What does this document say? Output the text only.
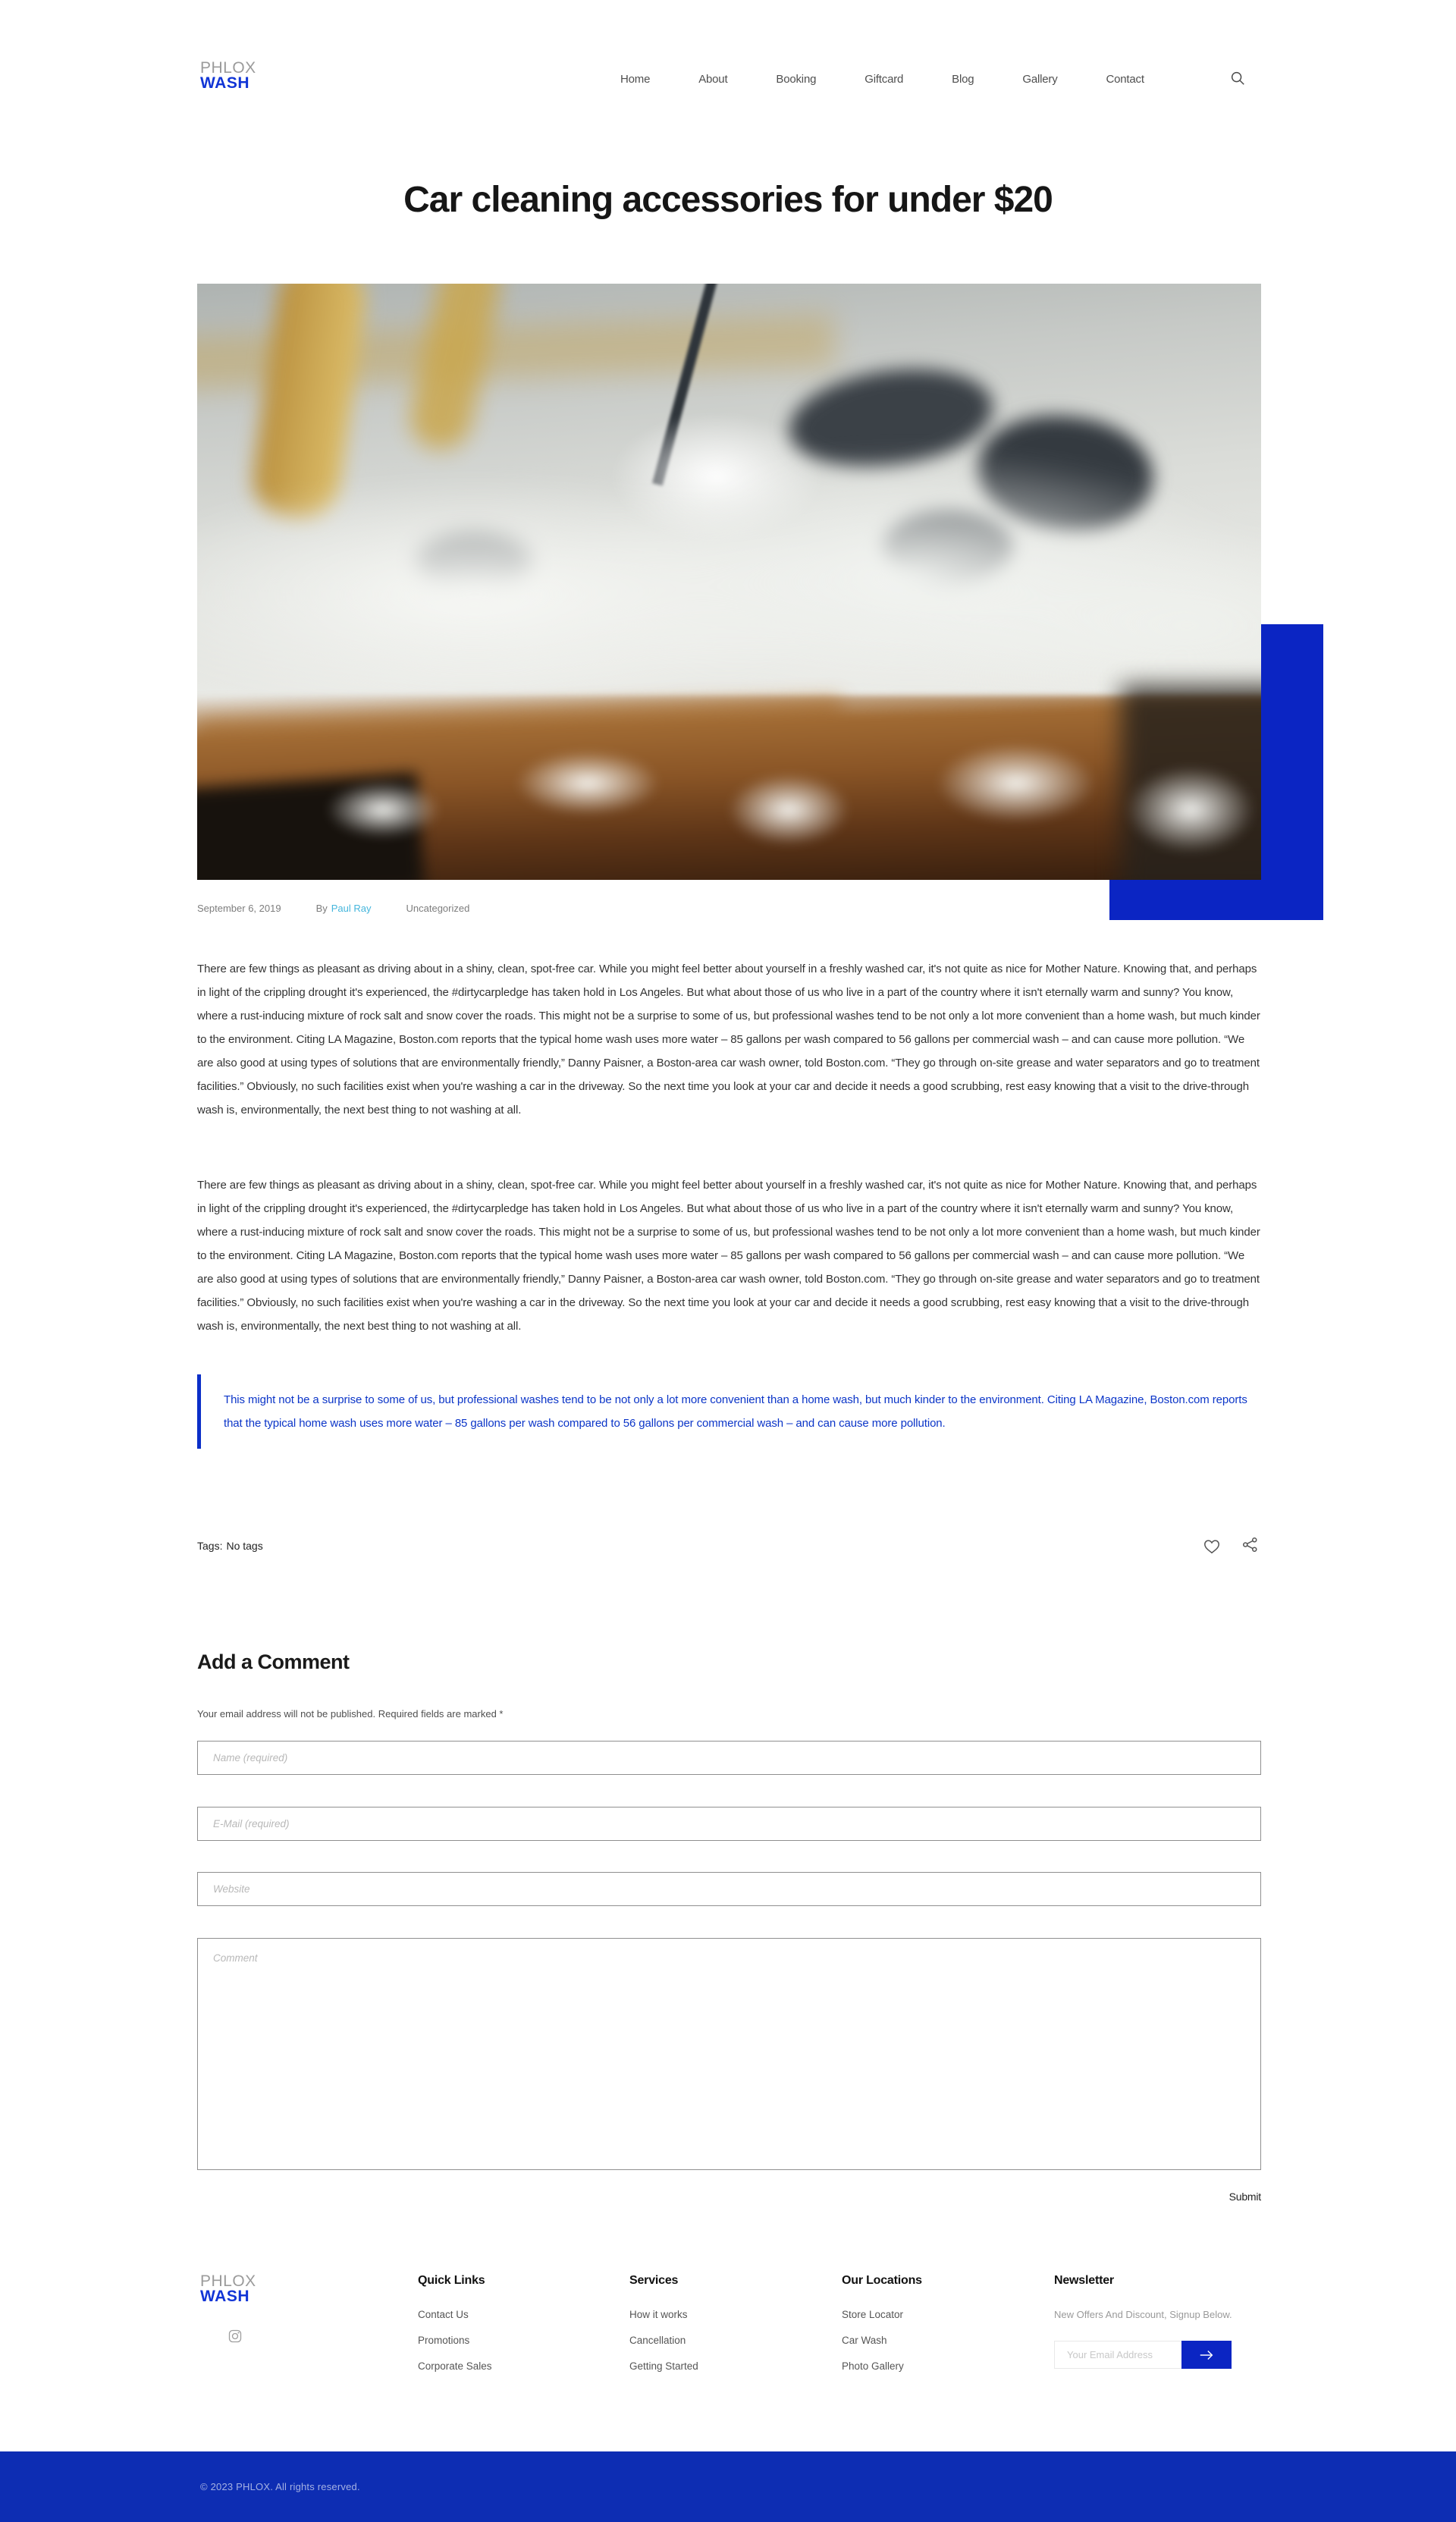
PHLOX
WASH	Home	About	Booking	Giftcard	Blog	Gallery	Contact
Car cleaning accessories for under $20
September 6, 2019	By Paul Ray	Uncategorized

There are few things as pleasant as driving about in a shiny, clean, spot-free car. While you might feel better about yourself in a freshly washed car, it's not quite as nice for Mother Nature. Knowing that, and perhaps in light of the crippling drought it's experienced, the #dirtycarpledge has taken hold in Los Angeles. But what about those of us who live in a part of the country where it isn't eternally warm and sunny? You know, where a rust-inducing mixture of rock salt and snow cover the roads. This might not be a surprise to some of us, but professional washes tend to be not only a lot more convenient than a home wash, but much kinder to the environment. Citing LA Magazine, Boston.com reports that the typical home wash uses more water – 85 gallons per wash compared to 56 gallons per commercial wash – and can cause more pollution. “We are also good at using types of solutions that are environmentally friendly,” Danny Paisner, a Boston-area car wash owner, told Boston.com. “They go through on-site grease and water separators and go to treatment facilities.” Obviously, no such facilities exist when you're washing a car in the driveway. So the next time you look at your car and decide it needs a good scrubbing, rest easy knowing that a visit to the drive-through wash is, environmentally, the next best thing to not washing at all.

There are few things as pleasant as driving about in a shiny, clean, spot-free car. While you might feel better about yourself in a freshly washed car, it's not quite as nice for Mother Nature. Knowing that, and perhaps in light of the crippling drought it's experienced, the #dirtycarpledge has taken hold in Los Angeles. But what about those of us who live in a part of the country where it isn't eternally warm and sunny? You know, where a rust-inducing mixture of rock salt and snow cover the roads. This might not be a surprise to some of us, but professional washes tend to be not only a lot more convenient than a home wash, but much kinder to the environment. Citing LA Magazine, Boston.com reports that the typical home wash uses more water – 85 gallons per wash compared to 56 gallons per commercial wash – and can cause more pollution. “We are also good at using types of solutions that are environmentally friendly,” Danny Paisner, a Boston-area car wash owner, told Boston.com. “They go through on-site grease and water separators and go to treatment facilities.” Obviously, no such facilities exist when you're washing a car in the driveway. So the next time you look at your car and decide it needs a good scrubbing, rest easy knowing that a visit to the drive-through wash is, environmentally, the next best thing to not washing at all.

This might not be a surprise to some of us, but professional washes tend to be not only a lot more convenient than a home wash, but much kinder to the environment. Citing LA Magazine, Boston.com reports that the typical home wash uses more water – 85 gallons per wash compared to 56 gallons per commercial wash – and can cause more pollution.
Tags: No tags
Add a Comment

Your email address will not be published. Required fields are marked *

Name (required)
E-Mail (required)
Website
Comment
Submit
PHLOX
WASH
Quick Links
Contact Us
Promotions
Corporate Sales
Services
How it works
Cancellation
Getting Started
Our Locations
Store Locator
Car Wash
Photo Gallery
Newsletter
New Offers And Discount, Signup Below.
Your Email Address
© 2023 PHLOX. All rights reserved.
